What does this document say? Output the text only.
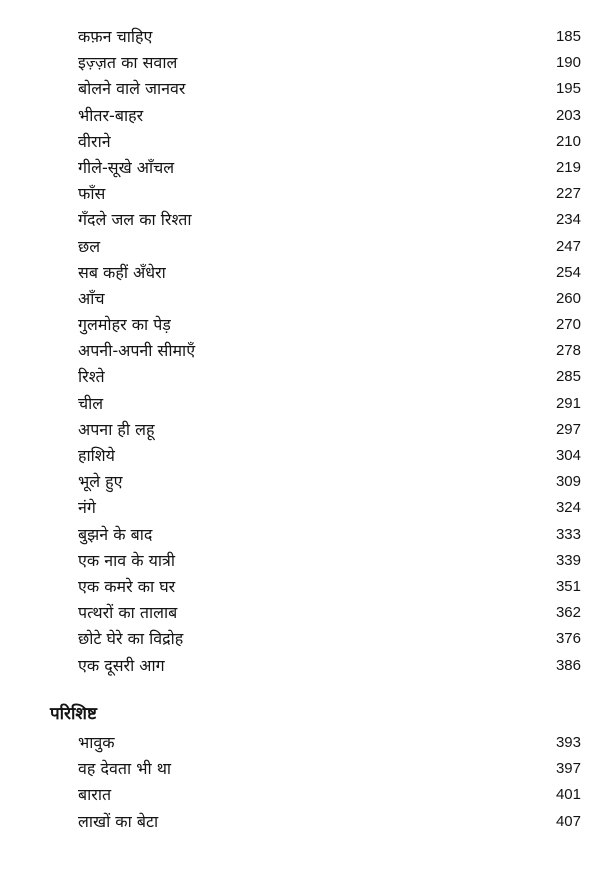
कफ़न चाहिए	185
इज़्ज़त का सवाल	190
बोलने वाले जानवर	195
भीतर-बाहर	203
वीराने	210
गीले-सूखे आँचल	219
फाँस	227
गँदले जल का रिश्ता	234
छल	247
सब कहीं अँधेरा	254
आँच	260
गुलमोहर का पेड़	270
अपनी-अपनी सीमाएँ	278
रिश्ते	285
चील	291
अपना ही लहू	297
हाशिये	304
भूले हुए	309
नंगे	324
बुझने के बाद	333
एक नाव के यात्री	339
एक कमरे का घर	351
पत्थरों का तालाब	362
छोटे घेरे का विद्रोह	376
एक दूसरी आग	386
परिशिष्ट
भावुक	393
वह देवता भी था	397
बारात	401
लाखों का बेटा	407
